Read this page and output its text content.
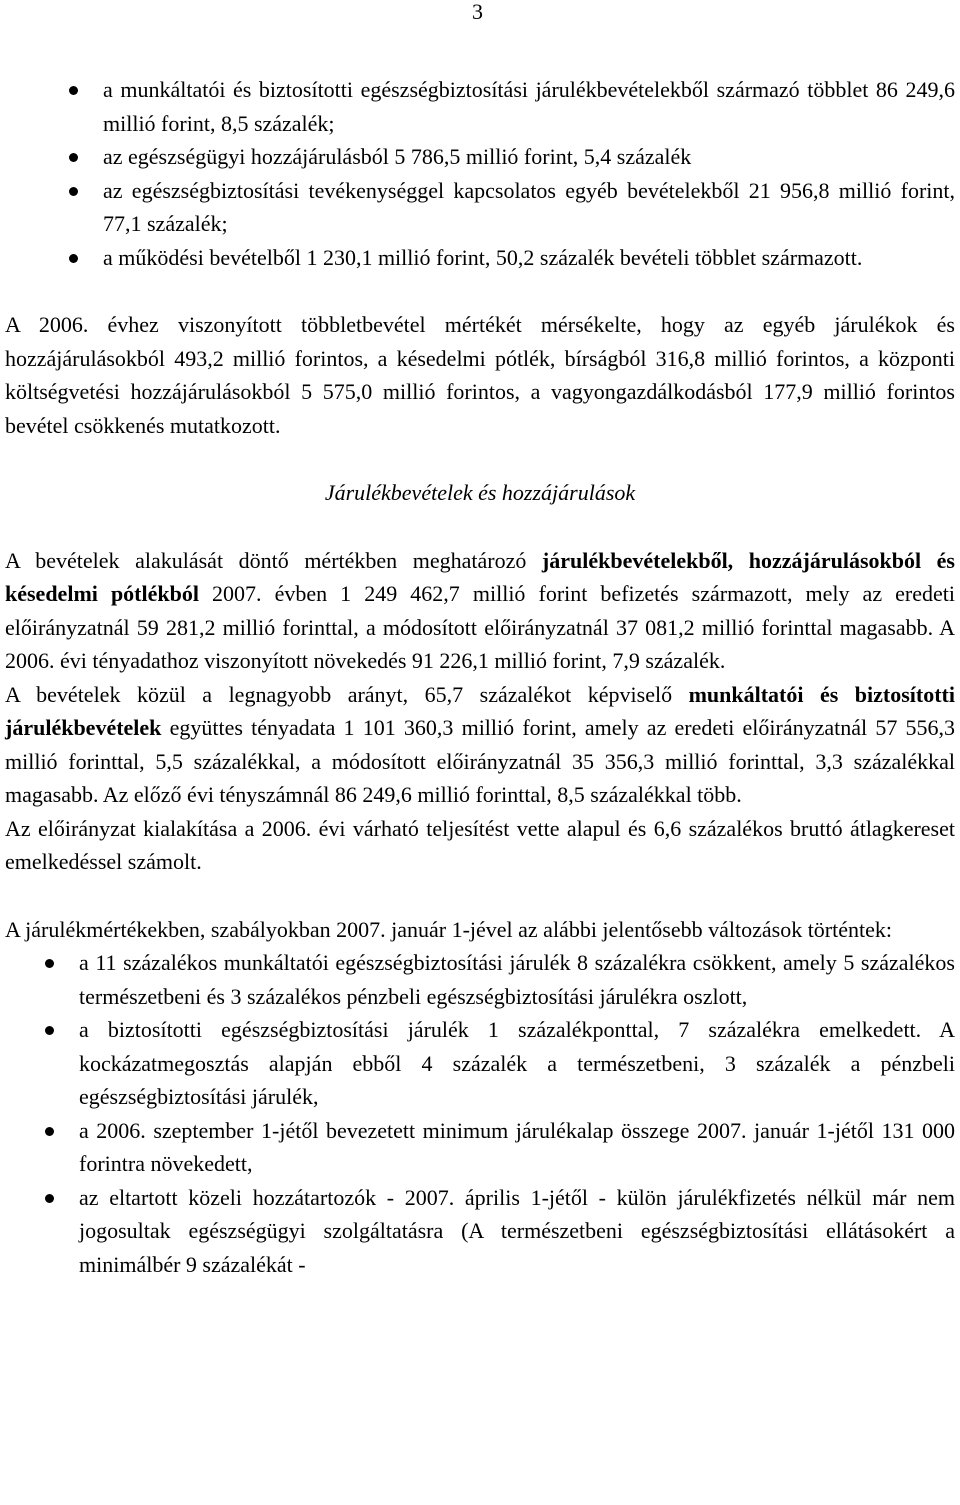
3
a munkáltatói és biztosítotti egészségbiztosítási járulékbevételekből származó többlet 86 249,6 millió forint, 8,5 százalék;
az egészségügyi hozzájárulásból 5 786,5 millió forint, 5,4 százalék
az egészségbiztosítási tevékenységgel kapcsolatos egyéb bevételekből 21 956,8 millió forint, 77,1 százalék;
a működési bevételből 1 230,1 millió forint, 50,2 százalék bevételi többlet származott.

A 2006. évhez viszonyított többletbevétel mértékét mérsékelte, hogy az egyéb járulékok és hozzájárulásokból 493,2 millió forintos, a késedelmi pótlék, bírságból 316,8 millió forintos, a központi költségvetési hozzájárulásokból 5 575,0 millió forintos, a vagyongazdálkodásból 177,9 millió forintos bevétel csökkenés mutatkozott.

Járulékbevételek és hozzájárulások

A bevételek alakulását döntő mértékben meghatározó járulékbevételekből, hozzájárulásokból és késedelmi pótlékból 2007. évben 1 249 462,7 millió forint befizetés származott, mely az eredeti előirányzatnál 59 281,2 millió forinttal, a módosított előirányzatnál 37 081,2 millió forinttal magasabb. A 2006. évi tényadathoz viszonyított növekedés 91 226,1 millió forint, 7,9 százalék.

A bevételek közül a legnagyobb arányt, 65,7 százalékot képviselő munkáltatói és biztosítotti járulékbevételek együttes tényadata 1 101 360,3 millió forint, amely az eredeti előirányzatnál 57 556,3 millió forinttal, 5,5 százalékkal, a módosított előirányzatnál 35 356,3 millió forinttal, 3,3 százalékkal magasabb. Az előző évi tényszámnál 86 249,6 millió forinttal, 8,5 százalékkal több.

Az előirányzat kialakítása a 2006. évi várható teljesítést vette alapul és 6,6 százalékos bruttó átlagkereset emelkedéssel számolt.

A járulékmértékekben, szabályokban 2007. január 1-jével az alábbi jelentősebb változások történtek:

a 11 százalékos munkáltatói egészségbiztosítási járulék 8 százalékra csökkent, amely 5 százalékos természetbeni és 3 százalékos pénzbeli egészségbiztosítási járulékra oszlott,
a biztosítotti egészségbiztosítási járulék 1 százalékponttal, 7 százalékra emelkedett. A kockázatmegosztás alapján ebből 4 százalék a természetbeni, 3 százalék a pénzbeli egészségbiztosítási járulék,
a 2006. szeptember 1-jétől bevezetett minimum járulékalap összege 2007. január 1-jétől 131 000 forintra növekedett,
az eltartott közeli hozzátartozók - 2007. április 1-jétől - külön járulékfizetés nélkül már nem jogosultak egészségügyi szolgáltatásra (A természetbeni egészségbiztosítási ellátásokért a minimálbér 9 százalékát -
